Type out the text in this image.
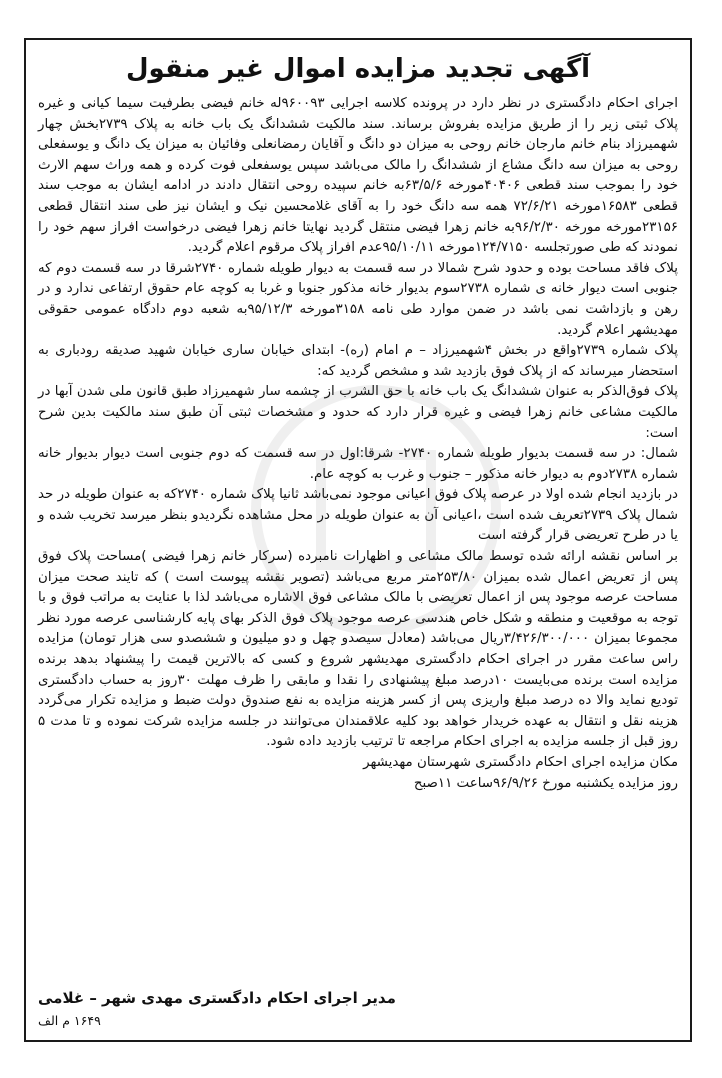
آگهی تجدید مزایده اموال غیر منقول

اجرای احکام دادگستری در نظر دارد در پرونده کلاسه اجرایی ۹۶۰۰۹۳له خانم فیضی بطرفیت سیما کیانی و غیره پلاک ثبتی زیر را از طریق مزایده بفروش برساند. سند مالکیت ششدانگ یک باب خانه به پلاک ۲۷۳۹بخش چهار شهمیرزاد بنام خانم مارجان خانم روحی به میزان دو دانگ و آقایان رمضانعلی وفائیان به میزان یک دانگ و یوسفعلی روحی به میزان سه دانگ مشاع از ششدانگ را مالک می‌باشد سپس یوسفعلی فوت کرده و همه وراث سهم الارث خود را بموجب سند قطعی ۴۰۴۰۶مورخه ۶۳/۵/۶به خانم سپیده روحی انتقال دادند در ادامه ایشان به موجب سند قطعی ۱۶۵۸۳مورخه ۷۲/۶/۲۱ همه سه دانگ خود را به آقای غلامحسین نیک و ایشان نیز طی سند انتقال قطعی ۲۳۱۵۶مورخه مورخه ۹۶/۲/۳۰به خانم زهرا فیضی منتقل گردید نهایتا خانم زهرا فیضی درخواست افراز سهم خود را نمودند که طی صورتجلسه ۱۲۴/۷۱۵۰مورخه ۹۵/۱۰/۱۱عدم افراز پلاک مرقوم اعلام گردید.

پلاک فاقد مساحت بوده و حدود شرح شمالا در سه قسمت به دیوار طویله شماره ۲۷۴۰شرقا در سه قسمت دوم که جنوبی است دیوار خانه ی شماره ۲۷۳۸سوم بدیوار خانه مذکور جنوبا و غربا به کوچه عام حقوق ارتفاعی ندارد و در رهن و بازداشت نمی باشد در ضمن موارد طی نامه ۳۱۵۸مورخه ۹۵/۱۲/۳به شعبه دوم دادگاه عمومی حقوقی مهدیشهر اعلام گردید.

پلاک شماره ۲۷۳۹واقع در بخش ۴شهمیرزاد – م امام (ره)- ابتدای خیابان ساری خیابان شهید صدیقه رودباری به استحضار میرساند که از پلاک فوق بازدید شد و مشخص گردید که:

پلاک فوق‌الذکر به عنوان ششدانگ یک باب خانه با حق الشرب از چشمه سار شهمیرزاد طبق قانون ملی شدن آبها در مالکیت مشاعی خانم زهرا فیضی و غیره قرار دارد که حدود و مشخصات ثبتی آن طبق سند مالکیت بدین شرح است:

شمال: در سه قسمت بدیوار طویله شماره ۲۷۴۰- شرقا:اول در سه قسمت که دوم جنوبی است دیوار بدیوار خانه شماره ۲۷۳۸دوم به دیوار خانه مذکور – جنوب و غرب به کوچه عام.

در بازدید انجام شده اولا در عرصه پلاک فوق اعیانی موجود نمی‌باشد ثانیا پلاک شماره ۲۷۴۰که به عنوان طویله در حد شمال پلاک ۲۷۳۹تعریف شده است ،اعیانی آن به عنوان طویله در محل مشاهده نگردیدو بنظر میرسد تخریب شده و یا در طرح تعریضی قرار گرفته است

بر اساس نقشه ارائه شده توسط مالک مشاعی و اظهارات نامبرده (سرکار خانم زهرا فیضی )مساحت پلاک فوق پس از تعریض اعمال شده بمیزان ۲۵۳/۸۰متر مربع می‌باشد (تصویر نقشه پیوست است ) که تایند صحت میزان مساحت عرصه موجود پس از اعمال تعریضی با مالک مشاعی فوق الاشاره می‌باشد لذا با عنایت به مراتب فوق و با توجه به موقعیت و منطقه و شکل خاص هندسی عرصه موجود پلاک فوق الذکر بهای پایه کارشناسی عرصه مورد نظر مجموعا بمیزان ۳/۴۲۶/۳۰۰/۰۰۰ریال می‌باشد (معادل سیصدو چهل و دو میلیون و ششصدو سی هزار تومان) مزایده راس ساعت مقرر در اجرای احکام دادگستری مهدیشهر شروع و کسی که بالاترین قیمت را پیشنهاد بدهد برنده مزایده است برنده می‌بایست ۱۰درصد مبلغ پیشنهادی را نقدا و مابقی را ظرف مهلت ۳۰روز به حساب دادگستری تودیع نماید والا ده درصد مبلغ واریزی پس از کسر هزینه مزایده به نفع صندوق دولت ضبط و مزایده تکرار می‌گردد هزینه نقل و انتقال به عهده خریدار خواهد بود کلیه علاقمندان می‌توانند در جلسه مزایده شرکت نموده و تا مدت ۵ روز قبل از جلسه مزایده به اجرای احکام مراجعه تا ترتیب بازدید داده شود.

مکان مزایده اجرای احکام دادگستری شهرستان مهدیشهر

روز مزایده یکشنبه مورخ ۹۶/۹/۲۶ساعت ۱۱صبح

مدیر اجرای احکام دادگستری مهدی شهر – غلامی

۱۶۴۹ م الف
